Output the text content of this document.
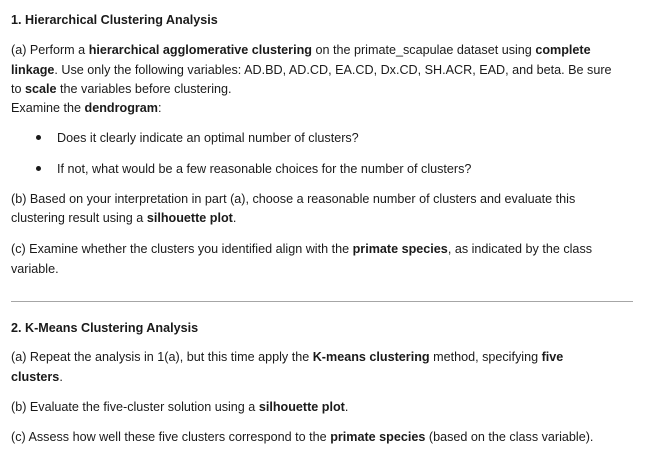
1. Hierarchical Clustering Analysis
(a) Perform a hierarchical agglomerative clustering on the primate_scapulae dataset using complete
linkage. Use only the following variables: AD.BD, AD.CD, EA.CD, Dx.CD, SH.ACR, EAD, and beta. Be sure
to scale the variables before clustering.
Examine the dendrogram:
Does it clearly indicate an optimal number of clusters?
If not, what would be a few reasonable choices for the number of clusters?
(b) Based on your interpretation in part (a), choose a reasonable number of clusters and evaluate this
clustering result using a silhouette plot.
(c) Examine whether the clusters you identified align with the primate species, as indicated by the class
variable.
2. K-Means Clustering Analysis
(a) Repeat the analysis in 1(a), but this time apply the K-means clustering method, specifying five
clusters.
(b) Evaluate the five-cluster solution using a silhouette plot.
(c) Assess how well these five clusters correspond to the primate species (based on the class variable).
